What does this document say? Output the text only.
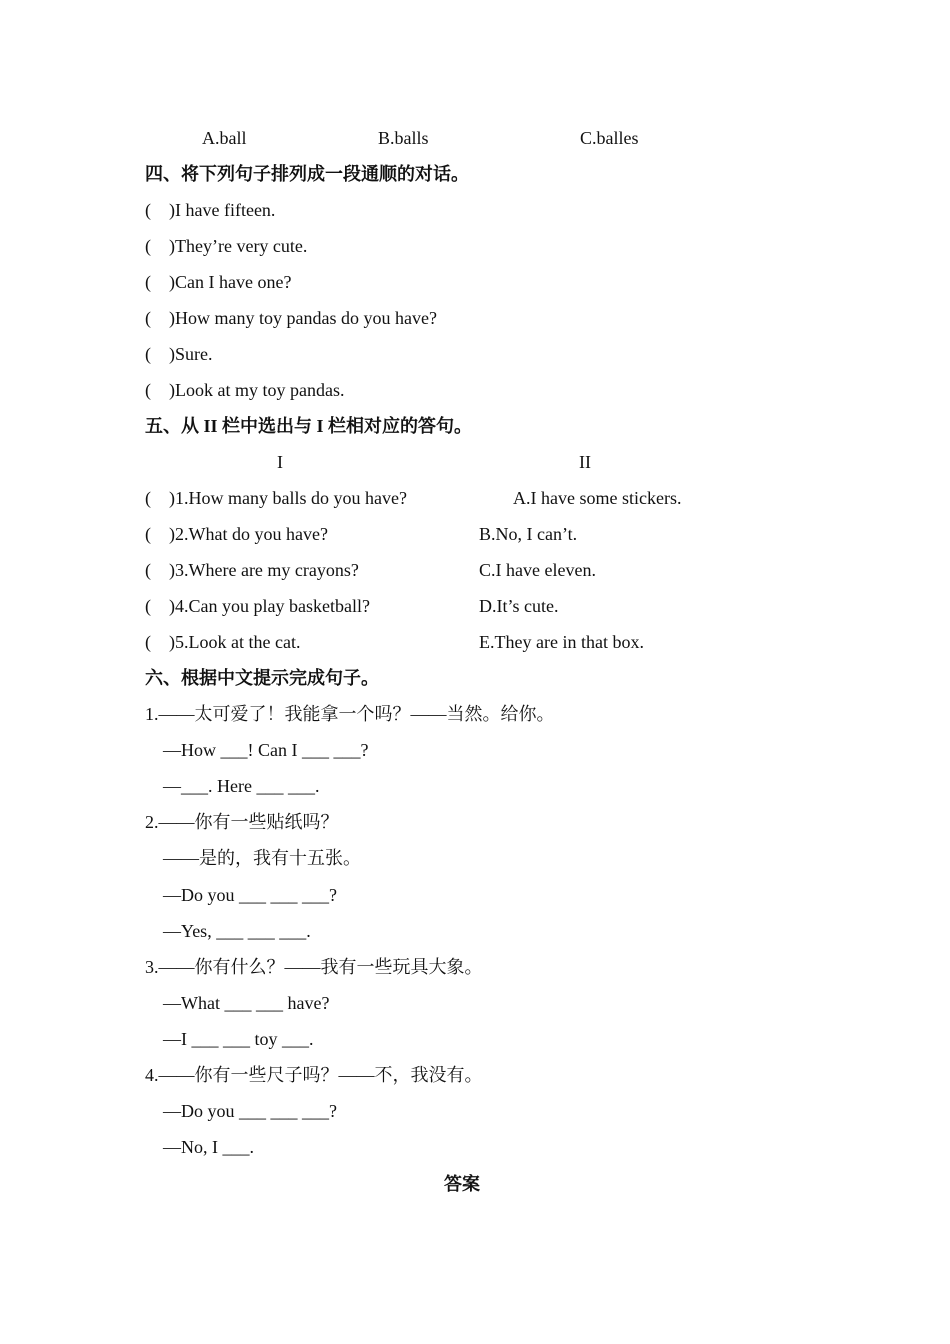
A.ball	B.balls	C.balles
四、将下列句子排列成一段通顺的对话。
(    )I have fifteen.
(    )They’re very cute.
(    )Can I have one?
(    )How many toy pandas do you have?
(    )Sure.
(    )Look at my toy pandas.
五、从 II 栏中选出与 I 栏相对应的答句。
I	II
(    )1.How many balls do you have?	A.I have some stickers.
(    )2.What do you have?	B.No, I can’t.
(    )3.Where are my crayons?	C.I have eleven.
(    )4.Can you play basketball?	D.It’s cute.
(    )5.Look at the cat.	E.They are in that box.
六、根据中文提示完成句子。
1.——太可爱了！我能拿一个吗？——当然。给你。
—How ___! Can I ___ ___?
—___. Here ___ ___.
2.——你有一些贴纸吗？
——是的，我有十五张。
—Do you ___ ___ ___?
—Yes, ___ ___ ___.
3.——你有什么？——我有一些玩具大象。
—What ___ ___ have?
—I ___ ___ toy ___.
4.——你有一些尺子吗？——不，我没有。
—Do you ___ ___ ___?
—No, I ___.
答案
